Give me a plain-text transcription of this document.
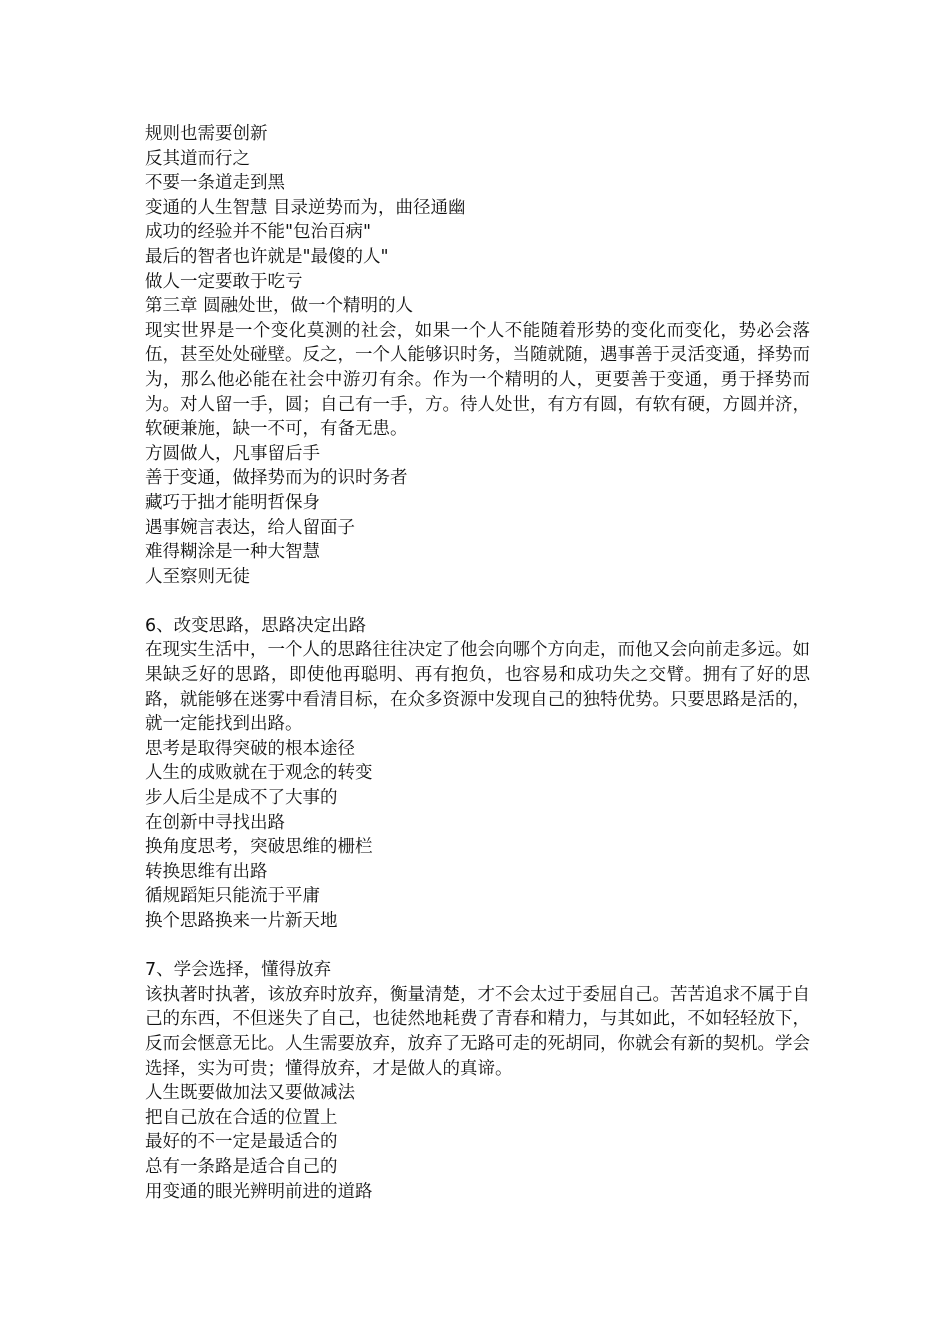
规则也需要创新
反其道而行之
不要一条道走到黑
变通的人生智慧 目录逆势而为，曲径通幽
成功的经验并不能"包治百病"
最后的智者也许就是"最傻的人"
做人一定要敢于吃亏
第三章 圆融处世，做一个精明的人
现实世界是一个变化莫测的社会，如果一个人不能随着形势的变化而变化，势必会落伍，甚至处处碰壁。反之，一个人能够识时务，当随就随，遇事善于灵活变通，择势而为，那么他必能在社会中游刃有余。作为一个精明的人，更要善于变通，勇于择势而为。对人留一手，圆；自己有一手，方。待人处世，有方有圆，有软有硬，方圆并济，软硬兼施，缺一不可，有备无患。
方圆做人，凡事留后手
善于变通，做择势而为的识时务者
藏巧于拙才能明哲保身
遇事婉言表达，给人留面子
难得糊涂是一种大智慧
人至察则无徒
6、改变思路，思路决定出路
在现实生活中，一个人的思路往往决定了他会向哪个方向走，而他又会向前走多远。如果缺乏好的思路，即使他再聪明、再有抱负，也容易和成功失之交臂。拥有了好的思路，就能够在迷雾中看清目标，在众多资源中发现自己的独特优势。只要思路是活的，就一定能找到出路。
思考是取得突破的根本途径
人生的成败就在于观念的转变
步人后尘是成不了大事的
在创新中寻找出路
换角度思考，突破思维的栅栏
转换思维有出路
循规蹈矩只能流于平庸
换个思路换来一片新天地
7、学会选择，懂得放弃
该执著时执著，该放弃时放弃，衡量清楚，才不会太过于委屈自己。苦苦追求不属于自己的东西，不但迷失了自己，也徒然地耗费了青春和精力，与其如此，不如轻轻放下，反而会惬意无比。人生需要放弃，放弃了无路可走的死胡同，你就会有新的契机。学会选择，实为可贵；懂得放弃，才是做人的真谛。
人生既要做加法又要做减法
把自己放在合适的位置上
最好的不一定是最适合的
总有一条路是适合自己的
用变通的眼光辨明前进的道路
